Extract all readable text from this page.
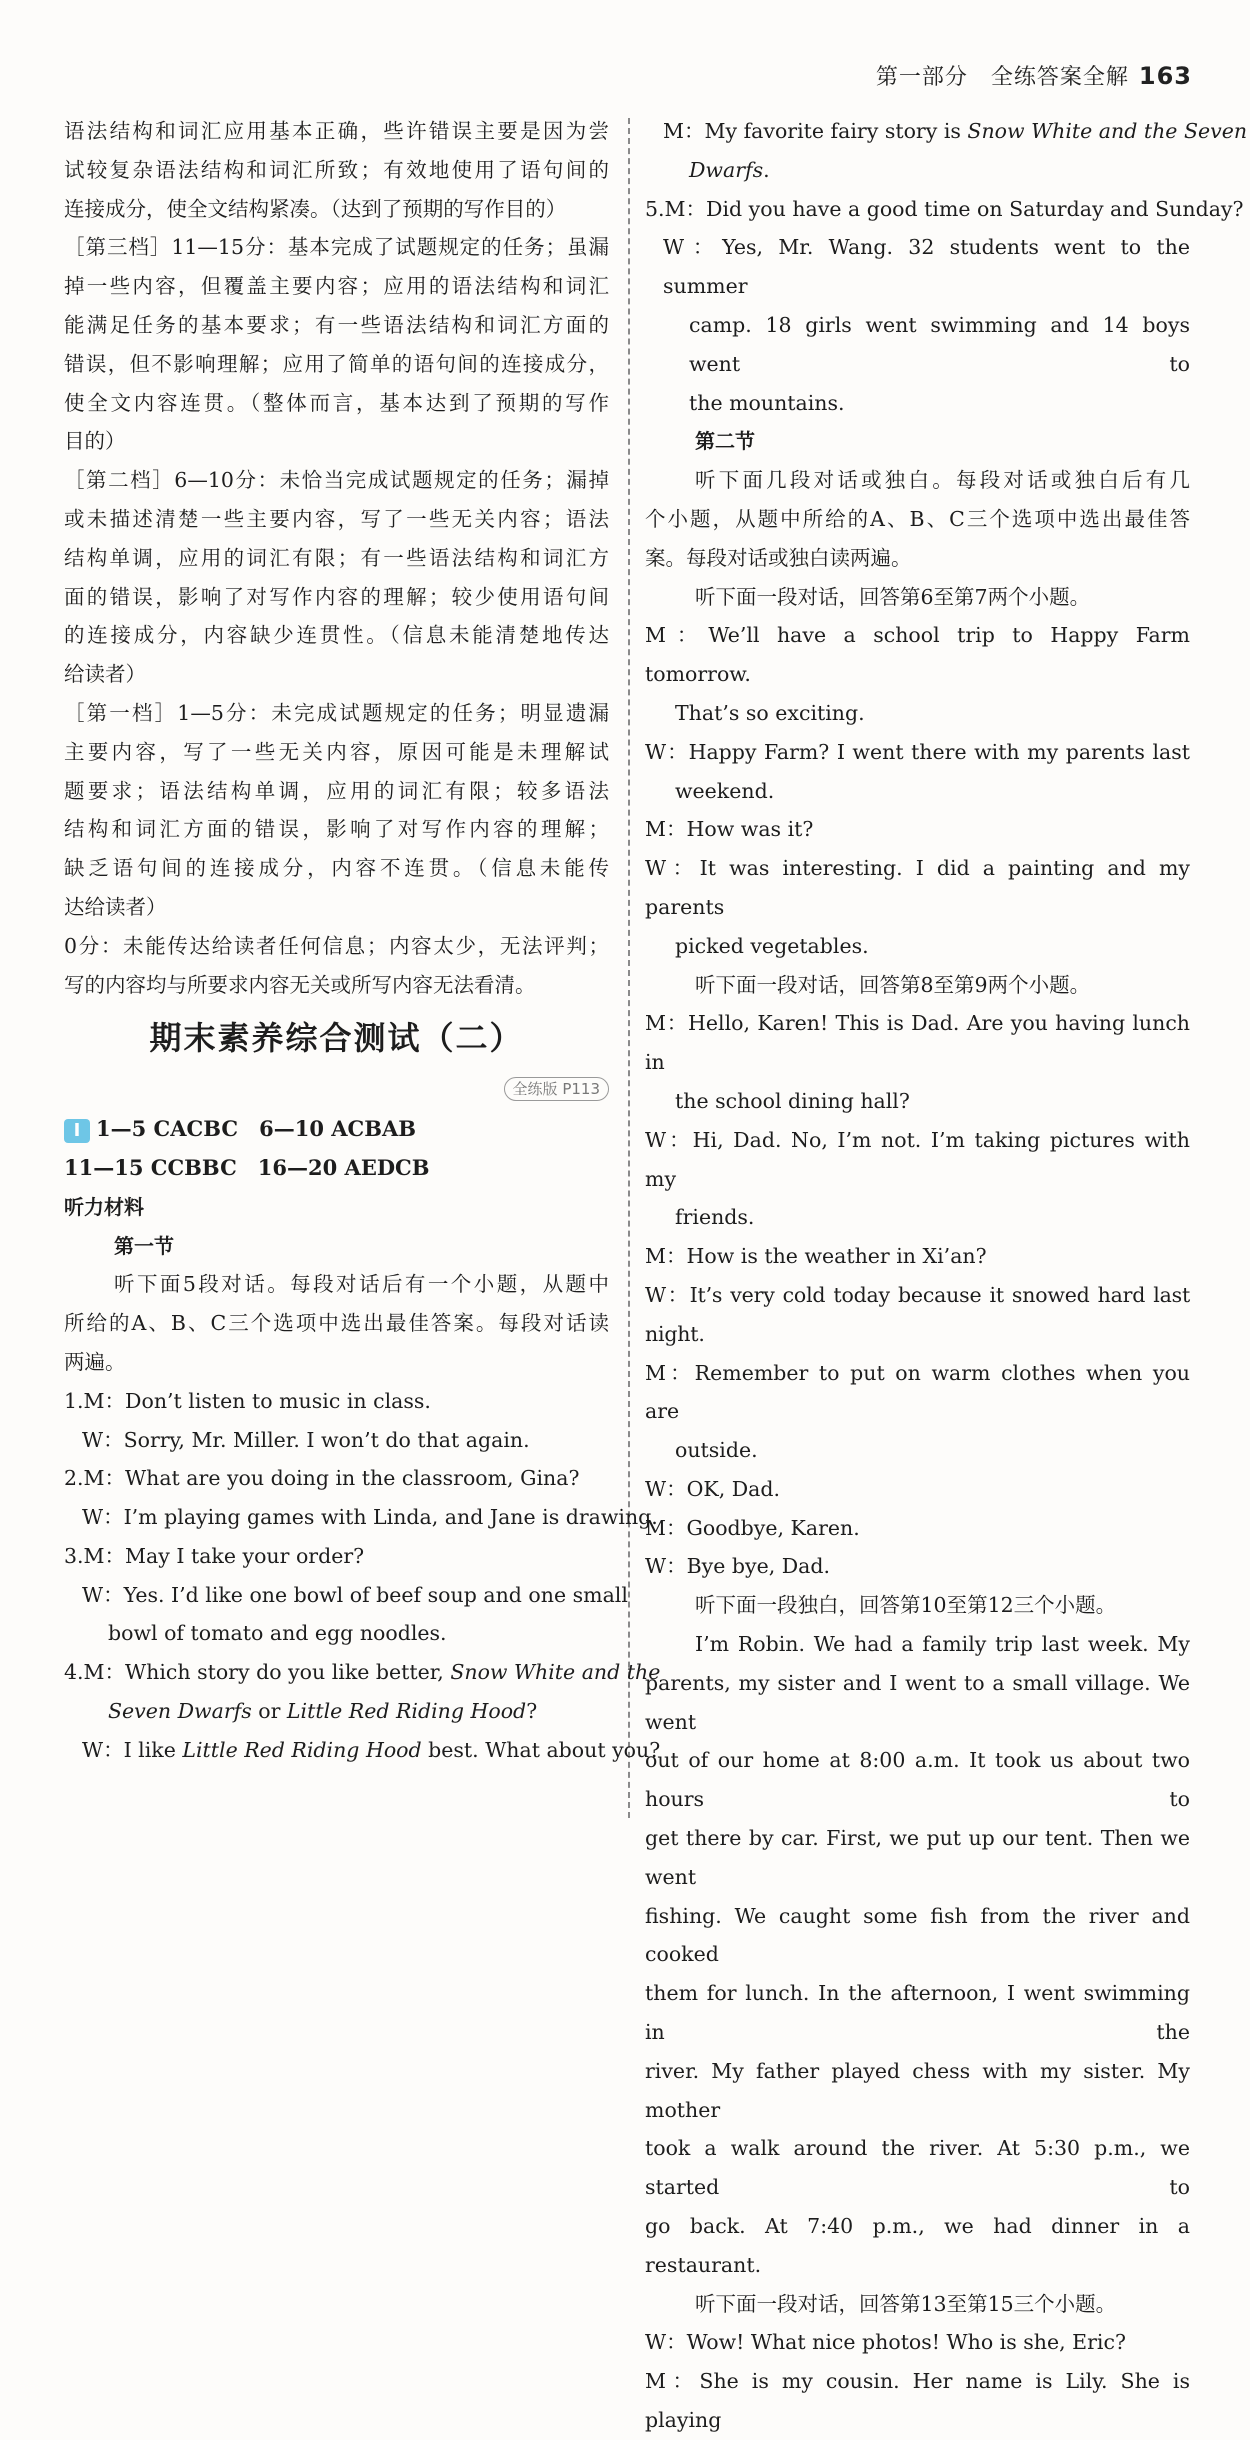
第一部分　全练答案全解 163

语法结构和词汇应用基本正确，些许错误主要是因为尝

试较复杂语法结构和词汇所致；有效地使用了语句间的

连接成分，使全文结构紧凑。（达到了预期的写作目的）

［第三档］11—15分：基本完成了试题规定的任务；虽漏

掉一些内容，但覆盖主要内容；应用的语法结构和词汇

能满足任务的基本要求；有一些语法结构和词汇方面的

错误，但不影响理解；应用了简单的语句间的连接成分，

使全文内容连贯。（整体而言，基本达到了预期的写作

目的）

［第二档］6—10分：未恰当完成试题规定的任务；漏掉

或未描述清楚一些主要内容，写了一些无关内容；语法

结构单调，应用的词汇有限；有一些语法结构和词汇方

面的错误，影响了对写作内容的理解；较少使用语句间

的连接成分，内容缺少连贯性。（信息未能清楚地传达

给读者）

［第一档］1—5分：未完成试题规定的任务；明显遗漏

主要内容，写了一些无关内容，原因可能是未理解试

题要求；语法结构单调，应用的词汇有限；较多语法

结构和词汇方面的错误，影响了对写作内容的理解；

缺乏语句间的连接成分，内容不连贯。（信息未能传

达给读者）

0分：未能传达给读者任何信息；内容太少，无法评判；

写的内容均与所要求内容无关或所写内容无法看清。

期末素养综合测试（二）
全练版 P113

I 1—5 CACBC　6—10 ACBAB

11—15 CCBBC　16—20 AEDCB

听力材料

第一节

听下面5段对话。每段对话后有一个小题，从题中

所给的A、B、C三个选项中选出最佳答案。每段对话读

两遍。

1.M：Don’t listen to music in class.

W：Sorry, Mr. Miller. I won’t do that again.

2.M：What are you doing in the classroom, Gina?

W：I’m playing games with Linda, and Jane is drawing.

3.M：May I take your order?

W：Yes. I’d like one bowl of beef soup and one small

bowl of tomato and egg noodles.

4.M：Which story do you like better, Snow White and the

Seven Dwarfs or Little Red Riding Hood?

W：I like Little Red Riding Hood best. What about you?

M：My favorite fairy story is Snow White and the Seven

Dwarfs.

5.M：Did you have a good time on Saturday and Sunday?

W：Yes, Mr. Wang. 32 students went to the summer

camp. 18 girls went swimming and 14 boys went to

the mountains.

第二节

听下面几段对话或独白。每段对话或独白后有几

个小题，从题中所给的A、B、C三个选项中选出最佳答

案。每段对话或独白读两遍。

听下面一段对话，回答第6至第7两个小题。

M：We’ll have a school trip to Happy Farm tomorrow.

That’s so exciting.

W：Happy Farm? I went there with my parents last

weekend.

M：How was it?

W：It was interesting. I did a painting and my parents

picked vegetables.

听下面一段对话，回答第8至第9两个小题。

M：Hello, Karen! This is Dad. Are you having lunch in

the school dining hall?

W：Hi, Dad. No, I’m not. I’m taking pictures with my

friends.

M：How is the weather in Xi’an?

W：It’s very cold today because it snowed hard last night.

M：Remember to put on warm clothes when you are

outside.

W：OK, Dad.

M：Goodbye, Karen.

W：Bye bye, Dad.

听下面一段独白，回答第10至第12三个小题。

I’m Robin. We had a family trip last week. My

parents, my sister and I went to a small village. We went

out of our home at 8:00 a.m. It took us about two hours to

get there by car. First, we put up our tent. Then we went

fishing. We caught some fish from the river and cooked

them for lunch. In the afternoon, I went swimming in the

river. My father played chess with my sister. My mother

took a walk around the river. At 5:30 p.m., we started to

go back. At 7:40 p.m., we had dinner in a restaurant.

听下面一段对话，回答第13至第15三个小题。

W：Wow! What nice photos! Who is she, Eric?

M：She is my cousin. Her name is Lily. She is playing
